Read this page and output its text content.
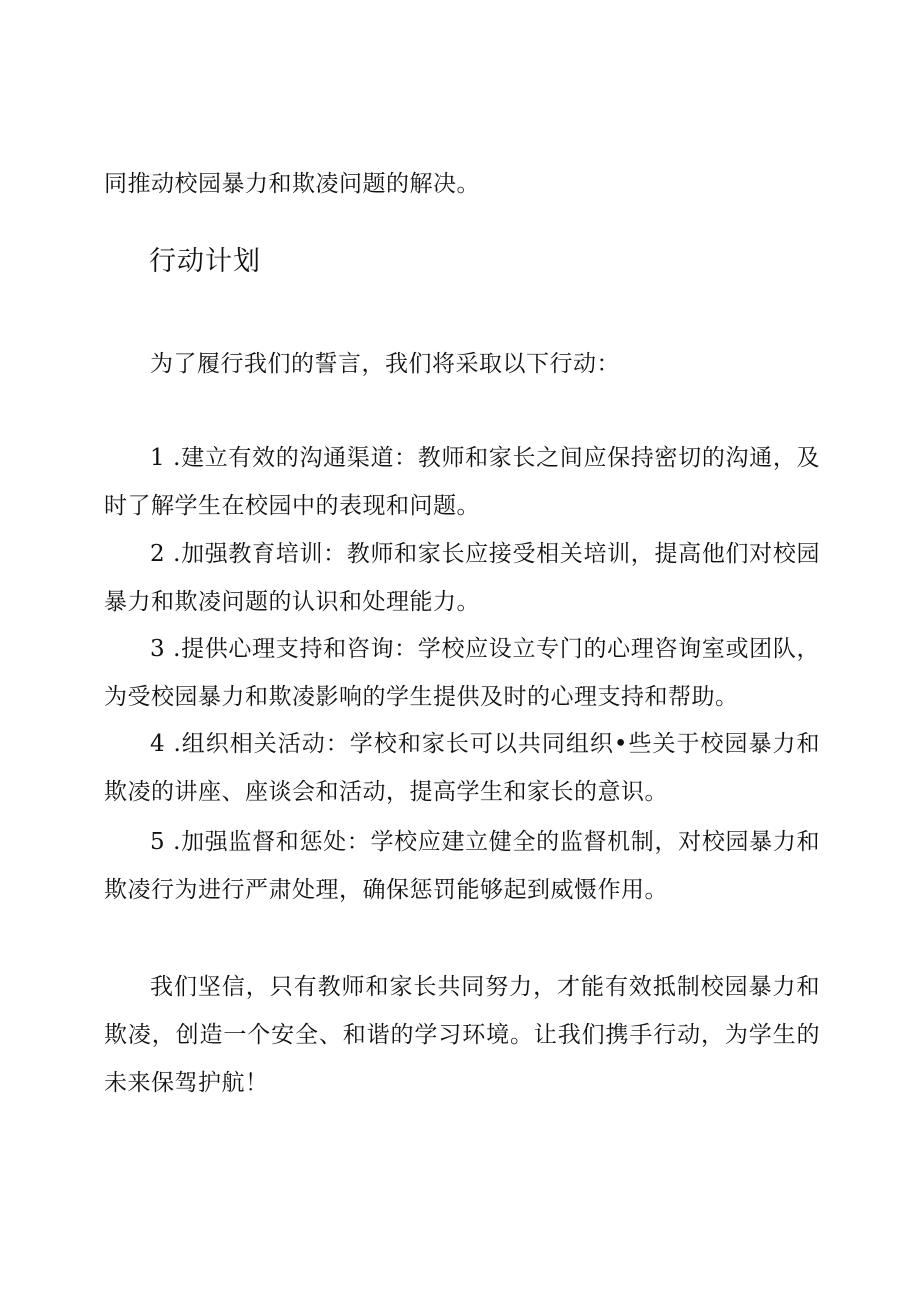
同推动校园暴力和欺凌问题的解决。

行动计划

为了履行我们的誓言，我们将采取以下行动：

1 .建立有效的沟通渠道：教师和家长之间应保持密切的沟通，及时了解学生在校园中的表现和问题。

2 .加强教育培训：教师和家长应接受相关培训，提高他们对校园暴力和欺凌问题的认识和处理能力。

3 .提供心理支持和咨询：学校应设立专门的心理咨询室或团队，为受校园暴力和欺凌影响的学生提供及时的心理支持和帮助。

4 .组织相关活动：学校和家长可以共同组织•些关于校园暴力和欺凌的讲座、座谈会和活动，提高学生和家长的意识。

5 .加强监督和惩处：学校应建立健全的监督机制，对校园暴力和欺凌行为进行严肃处理，确保惩罚能够起到威慑作用。

我们坚信，只有教师和家长共同努力，才能有效抵制校园暴力和欺凌，创造一个安全、和谐的学习环境。让我们携手行动，为学生的未来保驾护航！
